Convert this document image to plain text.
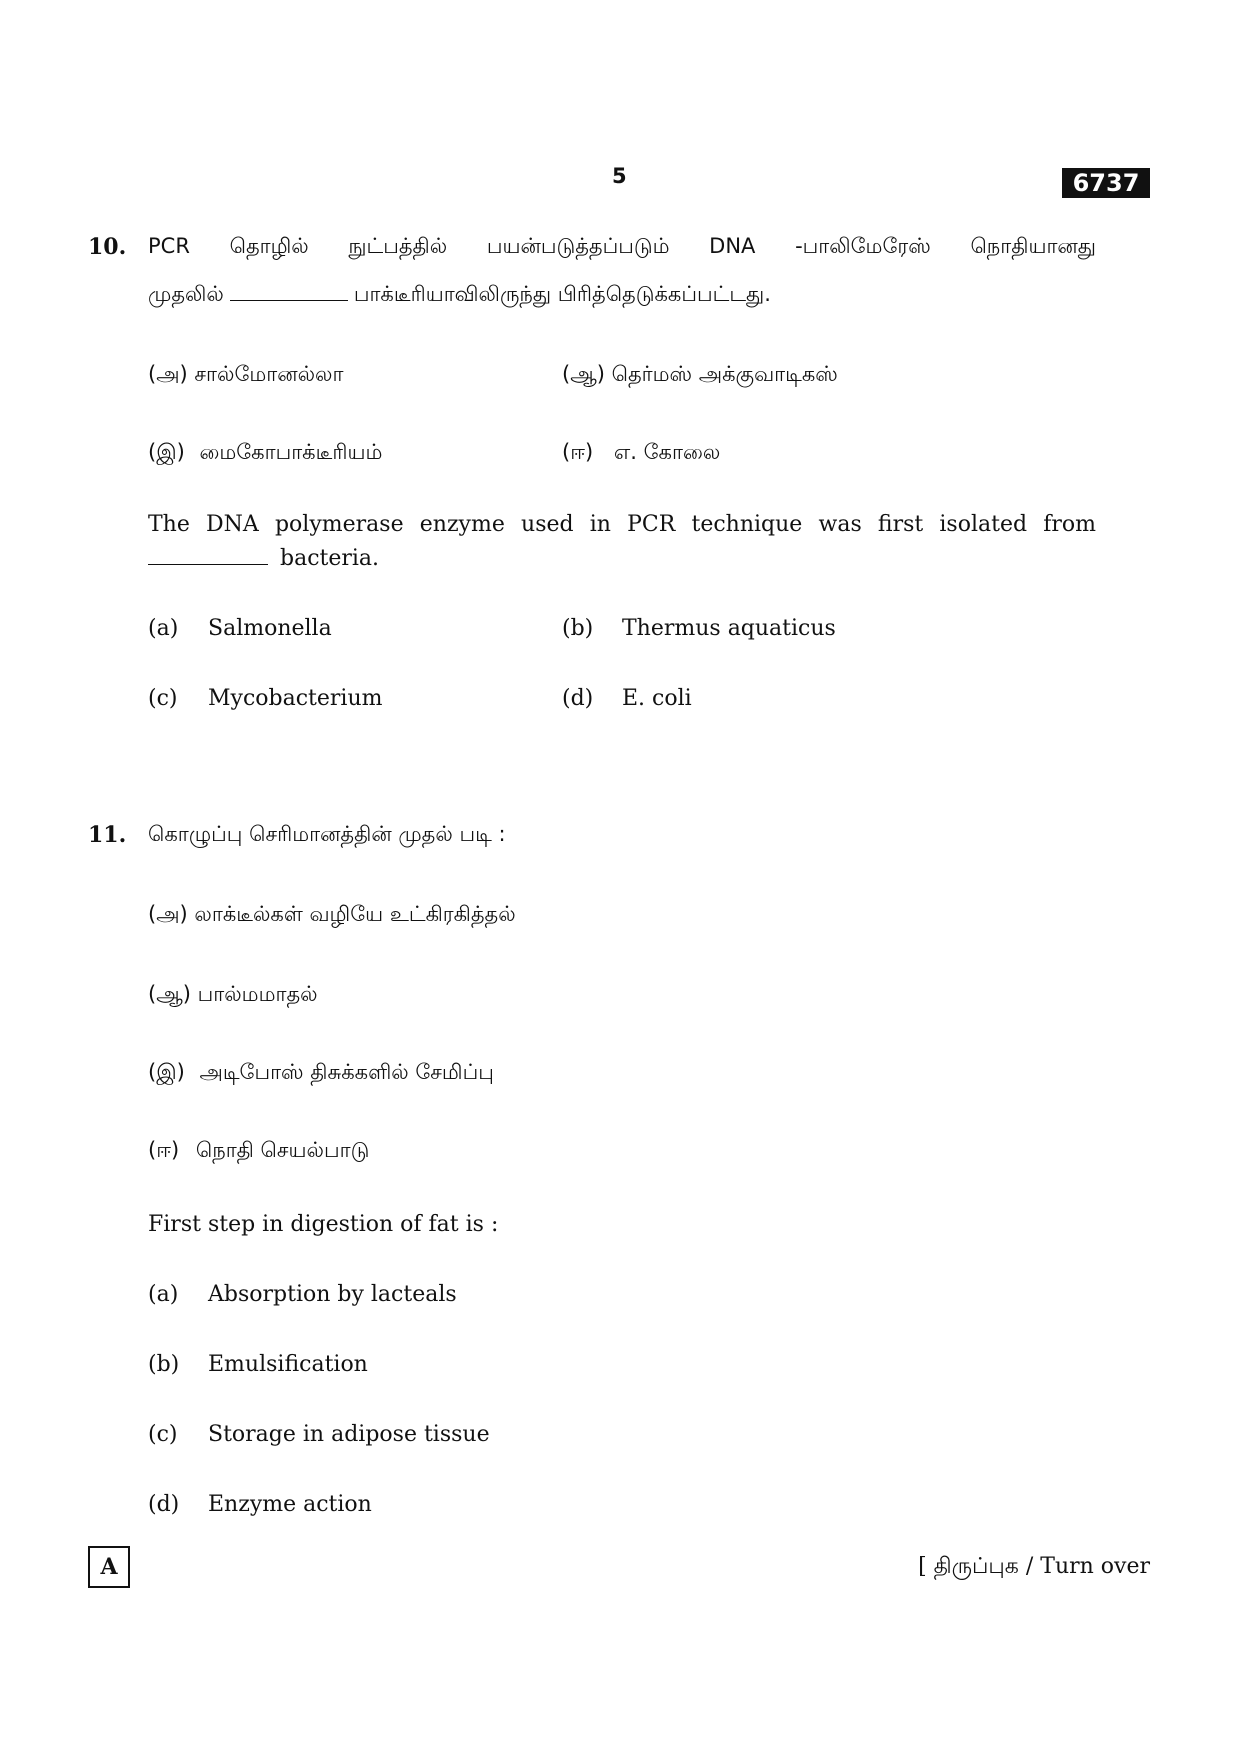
5	6737
10. PCR தொழில் நுட்பத்தில் பயன்படுத்தப்படும் DNA -பாலிமேரேஸ் நொதியானது
முதலில்	பாக்டீரியாவிலிருந்து பிரித்தெடுக்கப்பட்டது.
(அ) சால்மோனல்லா	(ஆ) தெர்மஸ் அக்குவாடிகஸ்
(இ) மைகோபாக்டீரியம்	(ஈ) எ. கோலை
The DNA polymerase enzyme used in PCR technique was first isolated from
bacteria.
(a) Salmonella	(b) Thermus aquaticus
(c) Mycobacterium	(d) E. coli
11. கொழுப்பு செரிமானத்தின் முதல் படி :
(அ) லாக்டீல்கள் வழியே உட்கிரகித்தல்
(ஆ) பால்மமாதல்
(இ) அடிபோஸ் திசுக்களில் சேமிப்பு
(ஈ) நொதி செயல்பாடு
First step in digestion of fat is :
(a) Absorption by lacteals
(b) Emulsification
(c) Storage in adipose tissue
(d) Enzyme action
A	[ திருப்புக / Turn over
